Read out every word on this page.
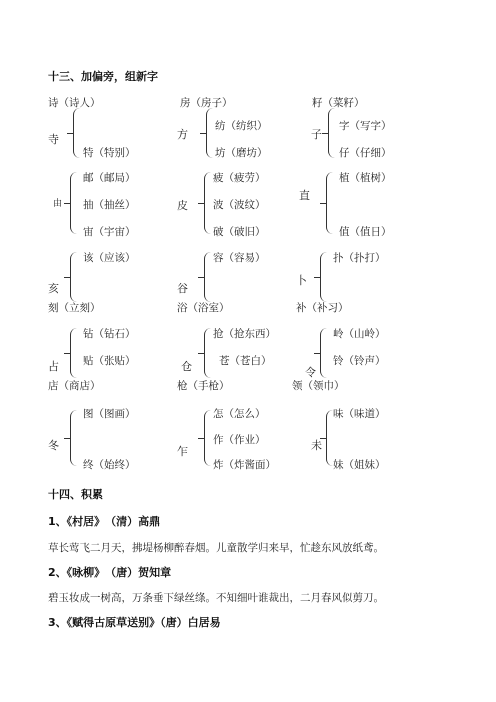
十三、加偏旁，组新字
诗（诗人）
寺
特（特别）
房（房子）
方
纺（纺织）
坊（磨坊）
籽（菜籽）
子
字（写字）
仔（仔细）
由
邮（邮局）
抽（抽丝）
宙（宇宙）
皮
疲（疲劳）
波（波纹）
破（破旧）
直
植（植树）
值（值日）
该（应该）
亥
刻（立刻）
容（容易）
谷
浴（浴室）
扑（扑打）
卜
补（补习）
钻（钻石）
贴（张贴）
占
店（商店）
抢（抢东西）
苍（苍白）
仓
枪（手枪）
岭（山岭）
铃（铃声）
令
领（领巾）
图（图画）
冬
终（始终）
乍
怎（怎么）
作（作业）
炸（炸酱面）
未
味（味道）
妹（姐妹）
十四、积累
1、《村居》　（清）高鼎
草长莺飞二月天，拂堤杨柳醉春烟。儿童散学归来早，忙趁东风放纸鸢。
2、《咏柳》　（唐）贺知章
碧玉妆成一树高，万条垂下绿丝绦。不知细叶谁裁出，二月春风似剪刀。
3、《赋得古原草送别》（唐）白居易
